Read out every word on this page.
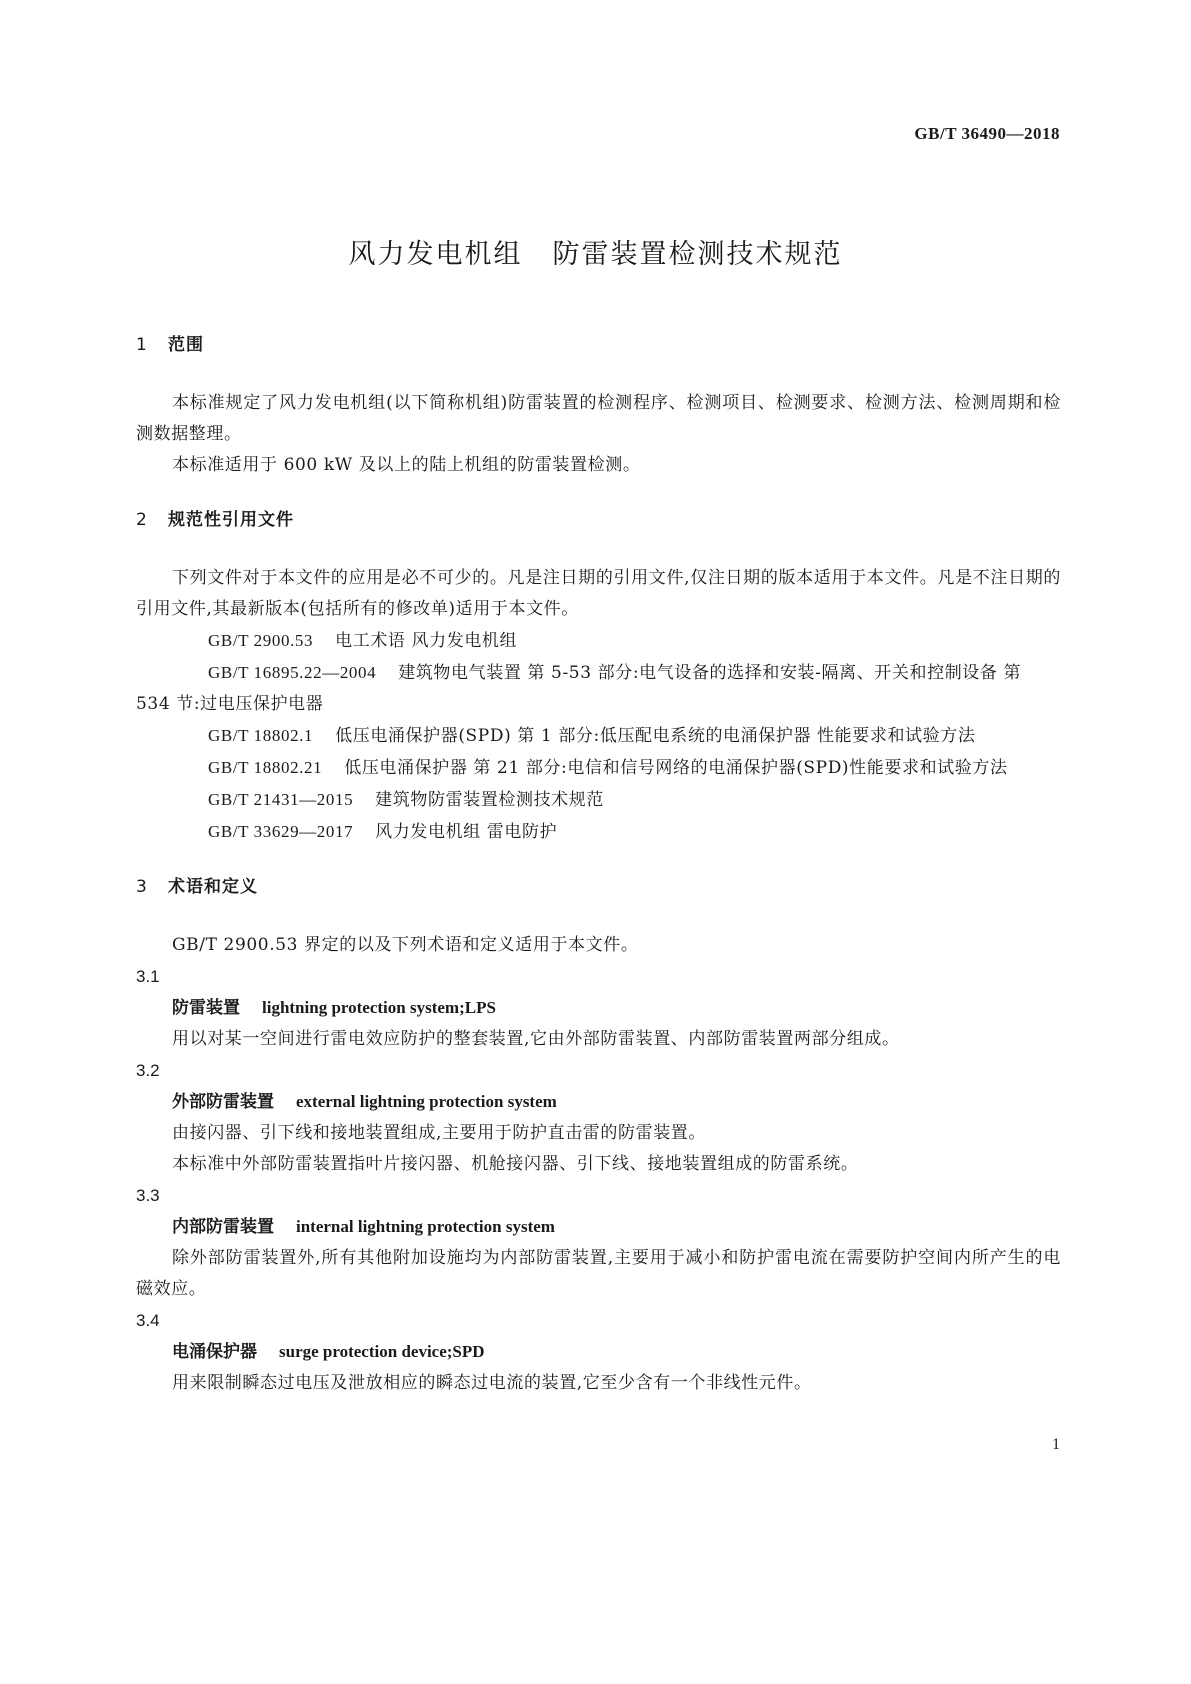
GB/T 36490—2018
风力发电机组 防雷装置检测技术规范
1 范围
本标准规定了风力发电机组(以下简称机组)防雷装置的检测程序、检测项目、检测要求、检测方法、检测周期和检测数据整理。
本标准适用于 600 kW 及以上的陆上机组的防雷装置检测。
2 规范性引用文件
下列文件对于本文件的应用是必不可少的。凡是注日期的引用文件,仅注日期的版本适用于本文件。凡是不注日期的引用文件,其最新版本(包括所有的修改单)适用于本文件。
GB/T 2900.53 电工术语 风力发电机组
GB/T 16895.22—2004 建筑物电气装置 第 5-53 部分:电气设备的选择和安装-隔离、开关和控制设备 第 534 节:过电压保护电器
GB/T 18802.1 低压电涌保护器(SPD) 第 1 部分:低压配电系统的电涌保护器 性能要求和试验方法
GB/T 18802.21 低压电涌保护器 第 21 部分:电信和信号网络的电涌保护器(SPD)性能要求和试验方法
GB/T 21431—2015 建筑物防雷装置检测技术规范
GB/T 33629—2017 风力发电机组 雷电防护
3 术语和定义
GB/T 2900.53 界定的以及下列术语和定义适用于本文件。
3.1
防雷装置 lightning protection system;LPS
用以对某一空间进行雷电效应防护的整套装置,它由外部防雷装置、内部防雷装置两部分组成。
3.2
外部防雷装置 external lightning protection system
由接闪器、引下线和接地装置组成,主要用于防护直击雷的防雷装置。
本标准中外部防雷装置指叶片接闪器、机舱接闪器、引下线、接地装置组成的防雷系统。
3.3
内部防雷装置 internal lightning protection system
除外部防雷装置外,所有其他附加设施均为内部防雷装置,主要用于减小和防护雷电流在需要防护空间内所产生的电磁效应。
3.4
电涌保护器 surge protection device;SPD
用来限制瞬态过电压及泄放相应的瞬态过电流的装置,它至少含有一个非线性元件。
1
